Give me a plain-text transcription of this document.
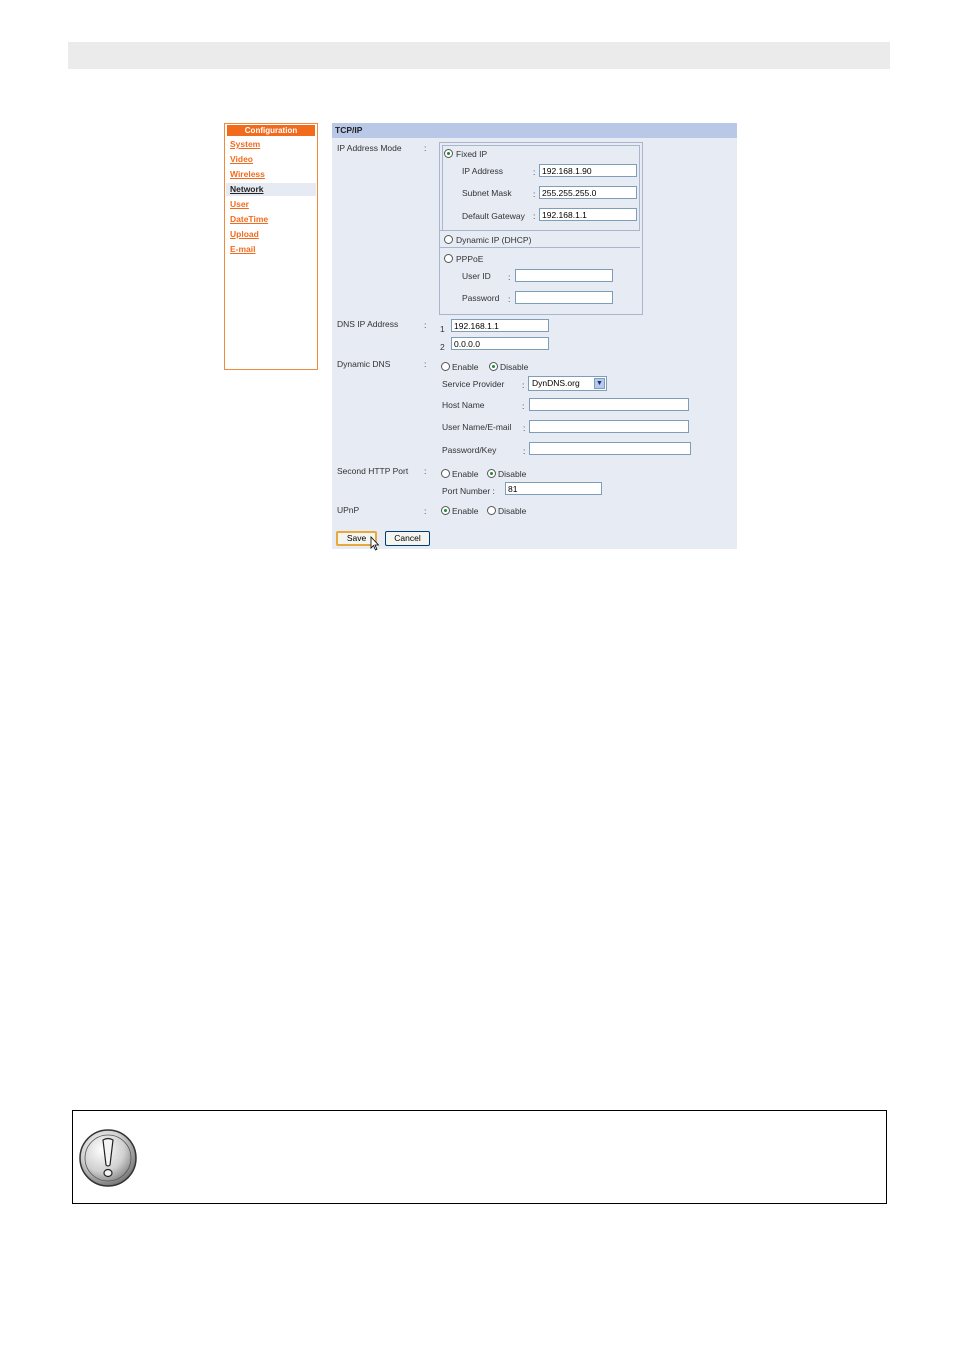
Configuration
System
Video
Wireless
Network
User
DateTime
Upload
E-mail
TCP/IP
IP Address Mode	:
Fixed IP
IP Address	: 192.168.1.90
Subnet Mask	: 255.255.255.0
Default Gateway : 192.168.1.1
Dynamic IP (DHCP)
PPPoE
User ID :
Password :
DNS IP Address	: 1	192.168.1.1
2	0.0.0.0
Dynamic DNS	:	Enable	Disable
Service Provider : DynDNS.org ▼
Host Name	:
User Name/E-mail :
Password/Key	:
Second HTTP Port :	Enable Disable
Port Number :	81
UPnP	:	Enable Disable
Save	Cancel
